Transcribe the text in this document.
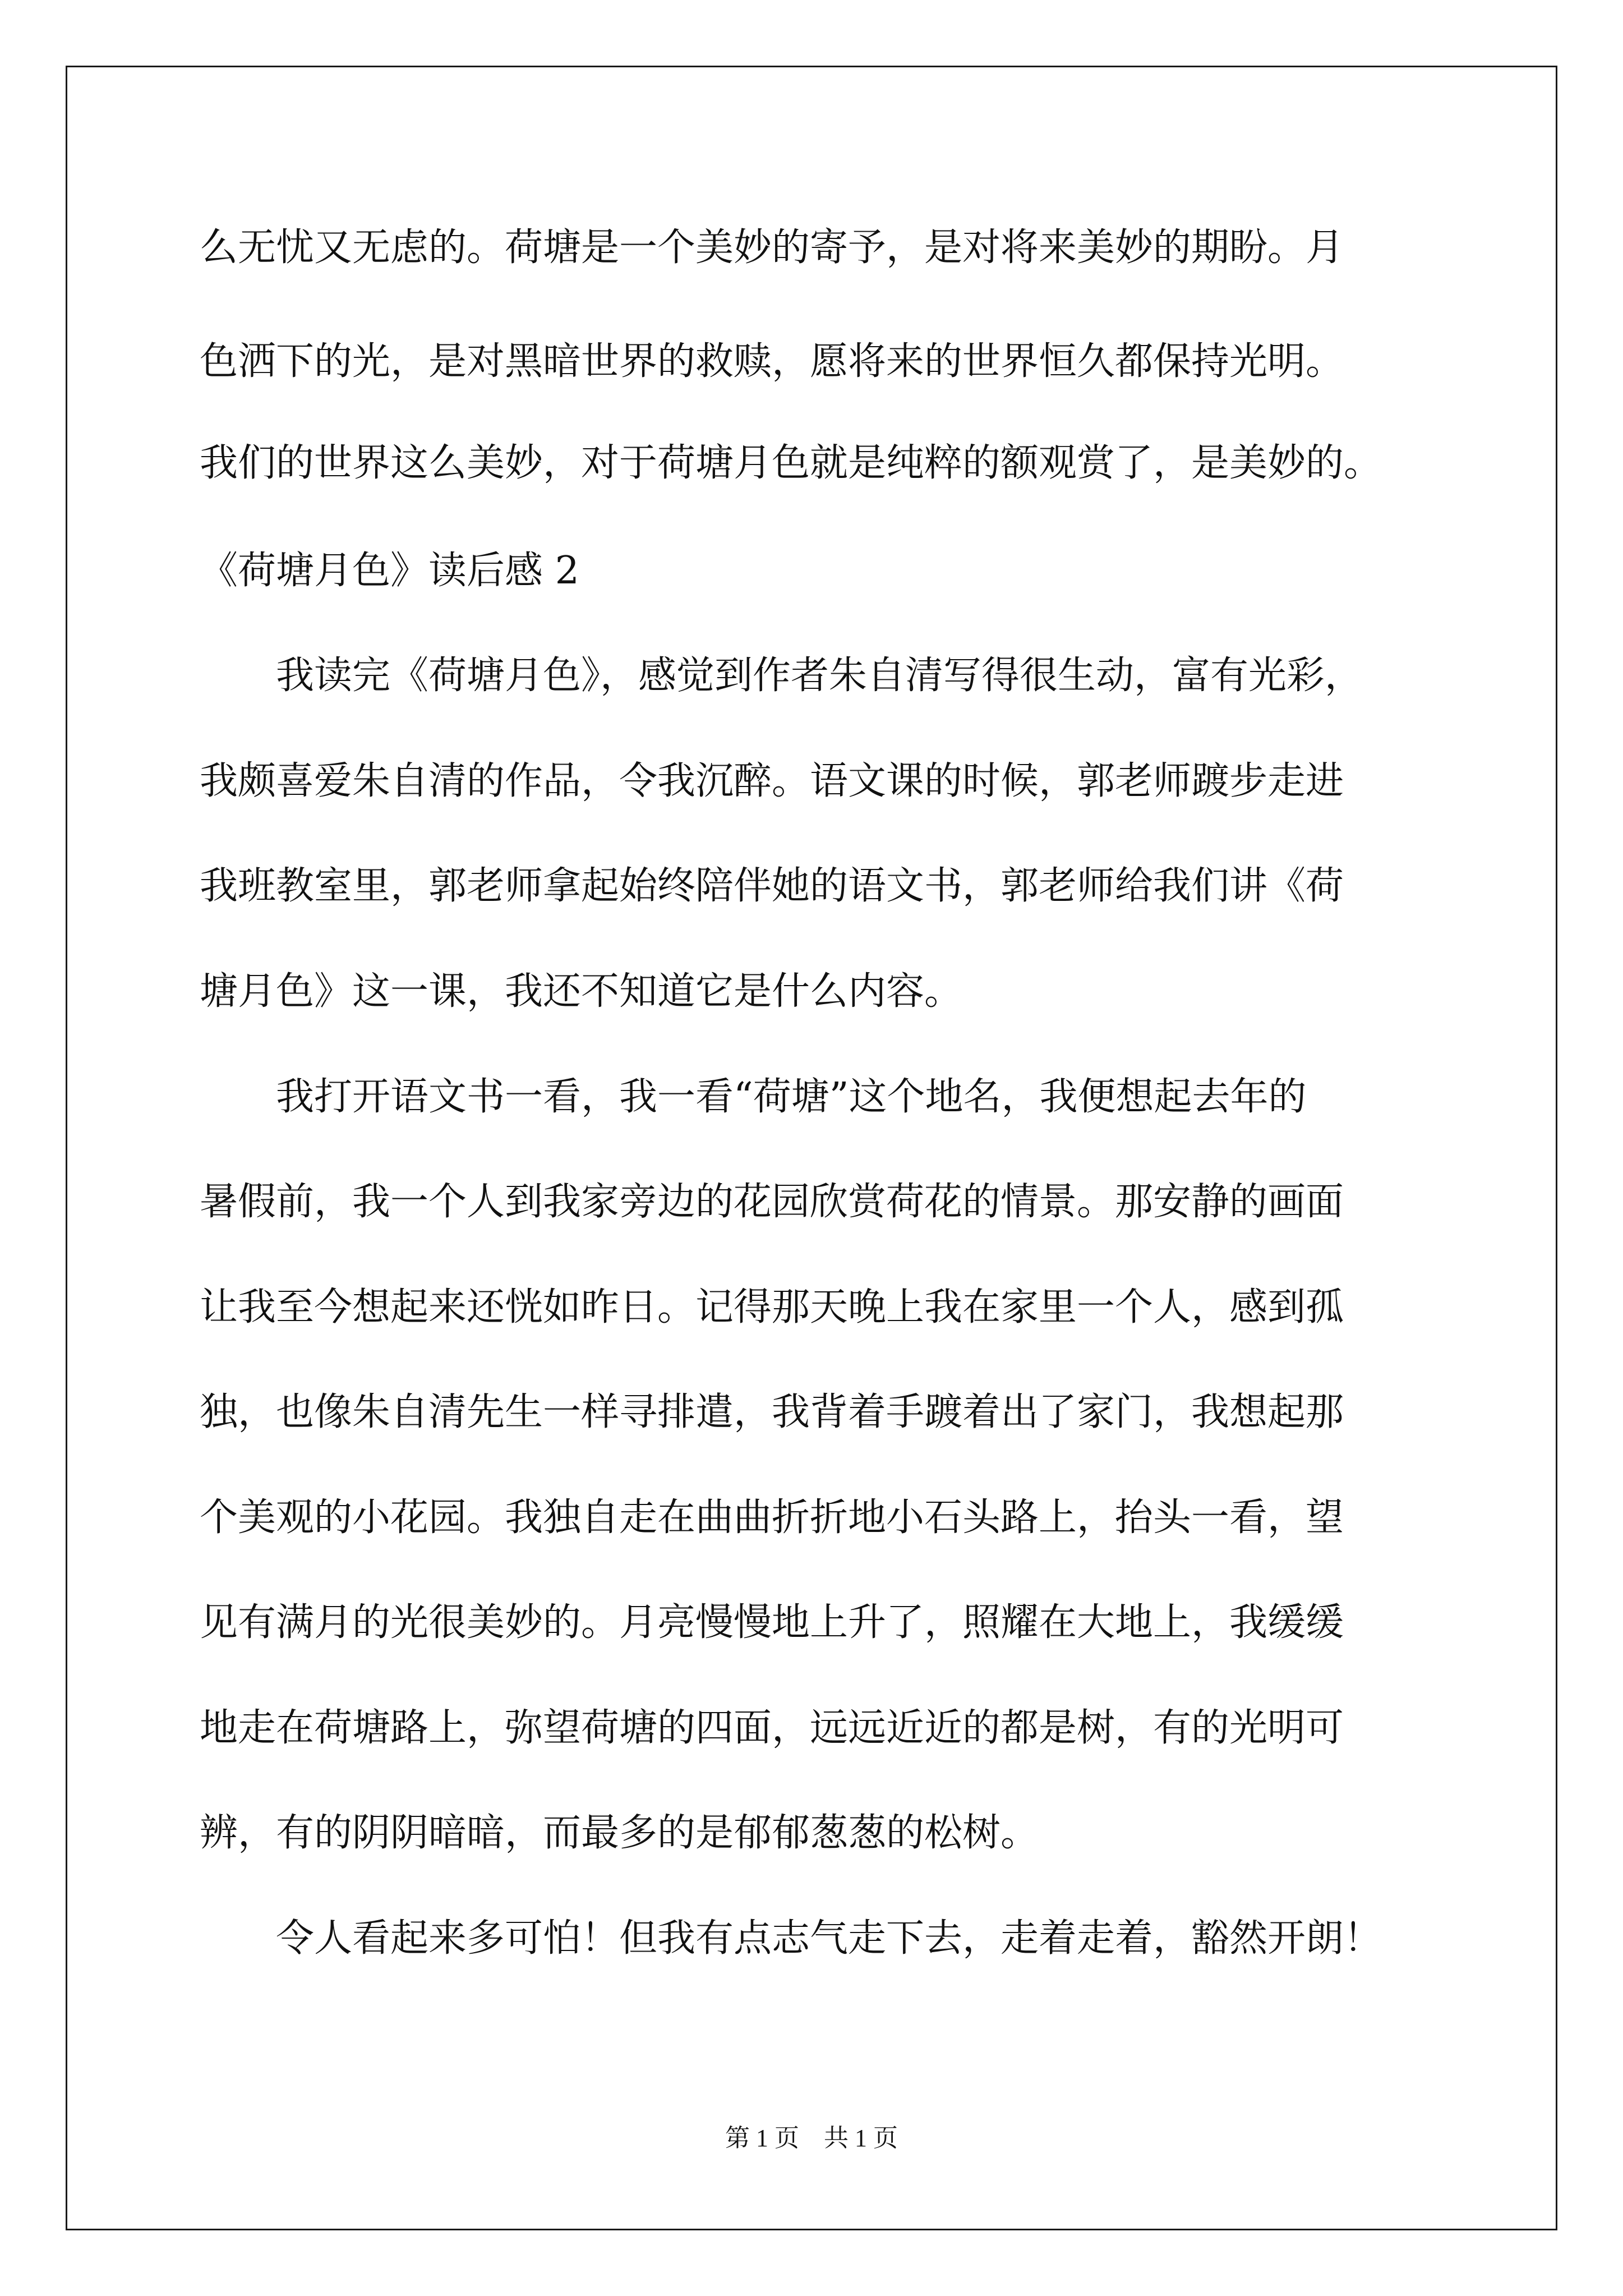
么无忧又无虑的。荷塘是一个美妙的寄予，是对将来美妙的期盼。月

色洒下的光，是对黑暗世界的救赎，愿将来的世界恒久都保持光明。

我们的世界这么美妙，对于荷塘月色就是纯粹的额观赏了，是美妙的。

《荷塘月色》读后感 2

　　我读完《荷塘月色》，感觉到作者朱自清写得很生动，富有光彩，

我颇喜爱朱自清的作品，令我沉醉。语文课的时候，郭老师踱步走进

我班教室里，郭老师拿起始终陪伴她的语文书，郭老师给我们讲《荷

塘月色》这一课，我还不知道它是什么内容。

　　我打开语文书一看，我一看“荷塘”这个地名，我便想起去年的

暑假前，我一个人到我家旁边的花园欣赏荷花的情景。那安静的画面

让我至今想起来还恍如昨日。记得那天晚上我在家里一个人，感到孤

独，也像朱自清先生一样寻排遣，我背着手踱着出了家门，我想起那

个美观的小花园。我独自走在曲曲折折地小石头路上，抬头一看，望

见有满月的光很美妙的。月亮慢慢地上升了，照耀在大地上，我缓缓

地走在荷塘路上，弥望荷塘的四面，远远近近的都是树，有的光明可

辨，有的阴阴暗暗，而最多的是郁郁葱葱的松树。

　　令人看起来多可怕！但我有点志气走下去，走着走着，豁然开朗！

第 1 页　共 1 页
